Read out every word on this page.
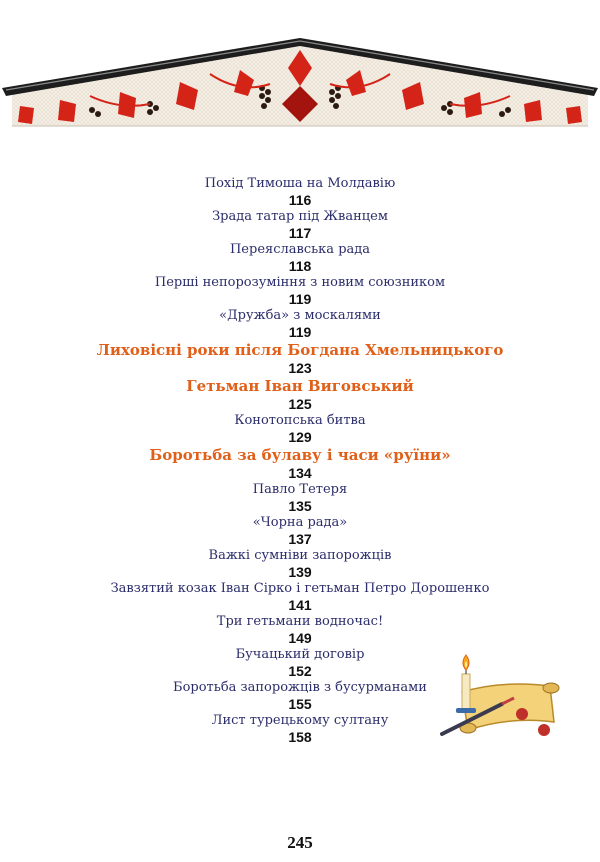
Похід Тимоша на Молдавію
116
Зрада татар під Жванцем
117
Переяславська рада
118
Перші непорозуміння з новим союзником
119
«Дружба» з москалями
119
Лиховісні роки після Богдана Хмельницького
123
Гетьман Іван Виговський
125
Конотопська битва
129
Боротьба за булаву і часи «руїни»
134
Павло Тетеря
135
«Чорна рада»
137
Важкі сумніви запорожців
139
Завзятий козак Іван Сірко і гетьман Петро Дорошенко
141
Три гетьмани водночас!
149
Бучацький договір
152
Боротьба запорожців з бусурманами
155
Лист турецькому султану
158
245
